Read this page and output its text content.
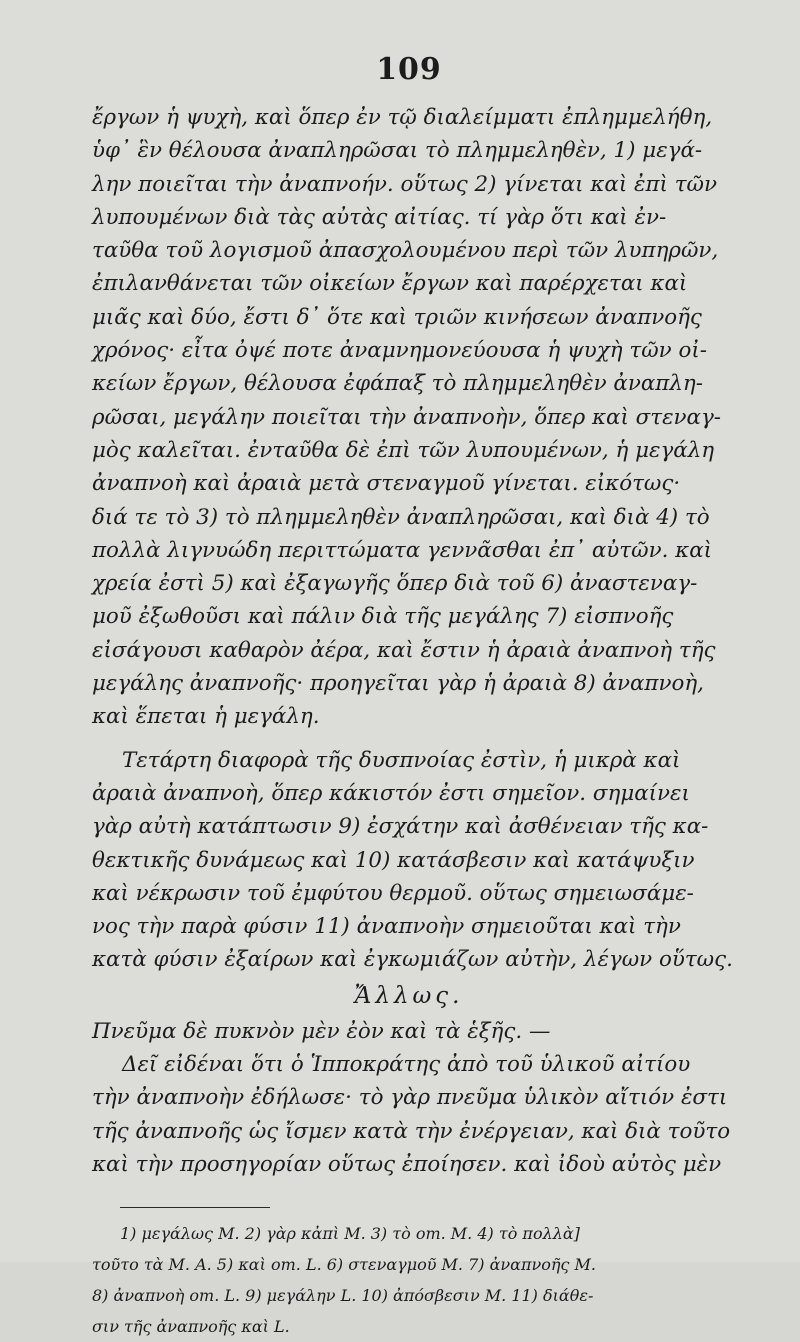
109
ἔργων ἡ ψυχὴ, καὶ ὅπερ ἐν τῷ διαλείμματι ἐπλημμελήθη,
ὑφ᾽ ἓν θέλουσα ἀναπληρῶσαι τὸ πλημμεληθὲν, 1) μεγά-
λην ποιεῖται τὴν ἀναπνοήν. οὕτως 2) γίνεται καὶ ἐπὶ τῶν
λυπουμένων διὰ τὰς αὐτὰς αἰτίας. τί γὰρ ὅτι καὶ ἐν-
ταῦθα τοῦ λογισμοῦ ἀπασχολουμένου περὶ τῶν λυπηρῶν,
ἐπιλανθάνεται τῶν οἰκείων ἔργων καὶ παρέρχεται καὶ
μιᾶς καὶ δύο, ἔστι δ᾽ ὅτε καὶ τριῶν κινήσεων ἀναπνοῆς
χρόνος· εἶτα ὀψέ ποτε ἀναμνημονεύουσα ἡ ψυχὴ τῶν οἰ-
κείων ἔργων, θέλουσα ἐφάπαξ τὸ πλημμεληθὲν ἀναπλη-
ρῶσαι, μεγάλην ποιεῖται τὴν ἀναπνοὴν, ὅπερ καὶ στεναγ-
μὸς καλεῖται. ἐνταῦθα δὲ ἐπὶ τῶν λυπουμένων, ἡ μεγάλη
ἀναπνοὴ καὶ ἀραιὰ μετὰ στεναγμοῦ γίνεται. εἰκότως·
διά τε τὸ 3) τὸ πλημμεληθὲν ἀναπληρῶσαι, καὶ διὰ 4) τὸ
πολλὰ λιγνυώδη περιττώματα γεννᾶσθαι ἐπ᾽ αὐτῶν. καὶ
χρεία ἐστὶ 5) καὶ ἐξαγωγῆς ὅπερ διὰ τοῦ 6) ἀναστεναγ-
μοῦ ἐξωθοῦσι καὶ πάλιν διὰ τῆς μεγάλης 7) εἰσπνοῆς
εἰσάγουσι καθαρὸν ἀέρα, καὶ ἔστιν ἡ ἀραιὰ ἀναπνοὴ τῆς
μεγάλης ἀναπνοῆς· προηγεῖται γὰρ ἡ ἀραιὰ 8) ἀναπνοὴ,
καὶ ἕπεται ἡ μεγάλη.
Τετάρτη διαφορὰ τῆς δυσπνοίας ἐστὶν, ἡ μικρὰ καὶ
ἀραιὰ ἀναπνοὴ, ὅπερ κάκιστόν ἐστι σημεῖον. σημαίνει
γὰρ αὐτὴ κατάπτωσιν 9) ἐσχάτην καὶ ἀσθένειαν τῆς κα-
θεκτικῆς δυνάμεως καὶ 10) κατάσβεσιν καὶ κατάψυξιν
καὶ νέκρωσιν τοῦ ἐμφύτου θερμοῦ. οὕτως σημειωσάμε-
νος τὴν παρὰ φύσιν 11) ἀναπνοὴν σημειοῦται καὶ τὴν
κατὰ φύσιν ἐξαίρων καὶ ἐγκωμιάζων αὐτὴν, λέγων οὕτως.
Ἄλλως.
Πνεῦμα δὲ πυκνὸν μὲν ἐὸν καὶ τὰ ἑξῆς. —
Δεῖ εἰδέναι ὅτι ὁ Ἱπποκράτης ἀπὸ τοῦ ὑλικοῦ αἰτίου
τὴν ἀναπνοὴν ἐδήλωσε· τὸ γὰρ πνεῦμα ὑλικὸν αἴτιόν ἐστι
τῆς ἀναπνοῆς ὡς ἴσμεν κατὰ τὴν ἐνέργειαν, καὶ διὰ τοῦτο
καὶ τὴν προσηγορίαν οὕτως ἐποίησεν. καὶ ἰδοὺ αὐτὸς μὲν
1) μεγάλως M. 2) γὰρ κἀπὶ M. 3) τὸ om. M. 4) τὸ πολλὰ]
τοῦτο τὰ M. A. 5) καὶ om. L. 6) στεναγμοῦ M. 7) ἀναπνοῆς M.
8) ἀναπνοὴ om. L. 9) μεγάλην L. 10) ἀπόσβεσιν M. 11) διάθε-
σιν τῆς ἀναπνοῆς καὶ L.
